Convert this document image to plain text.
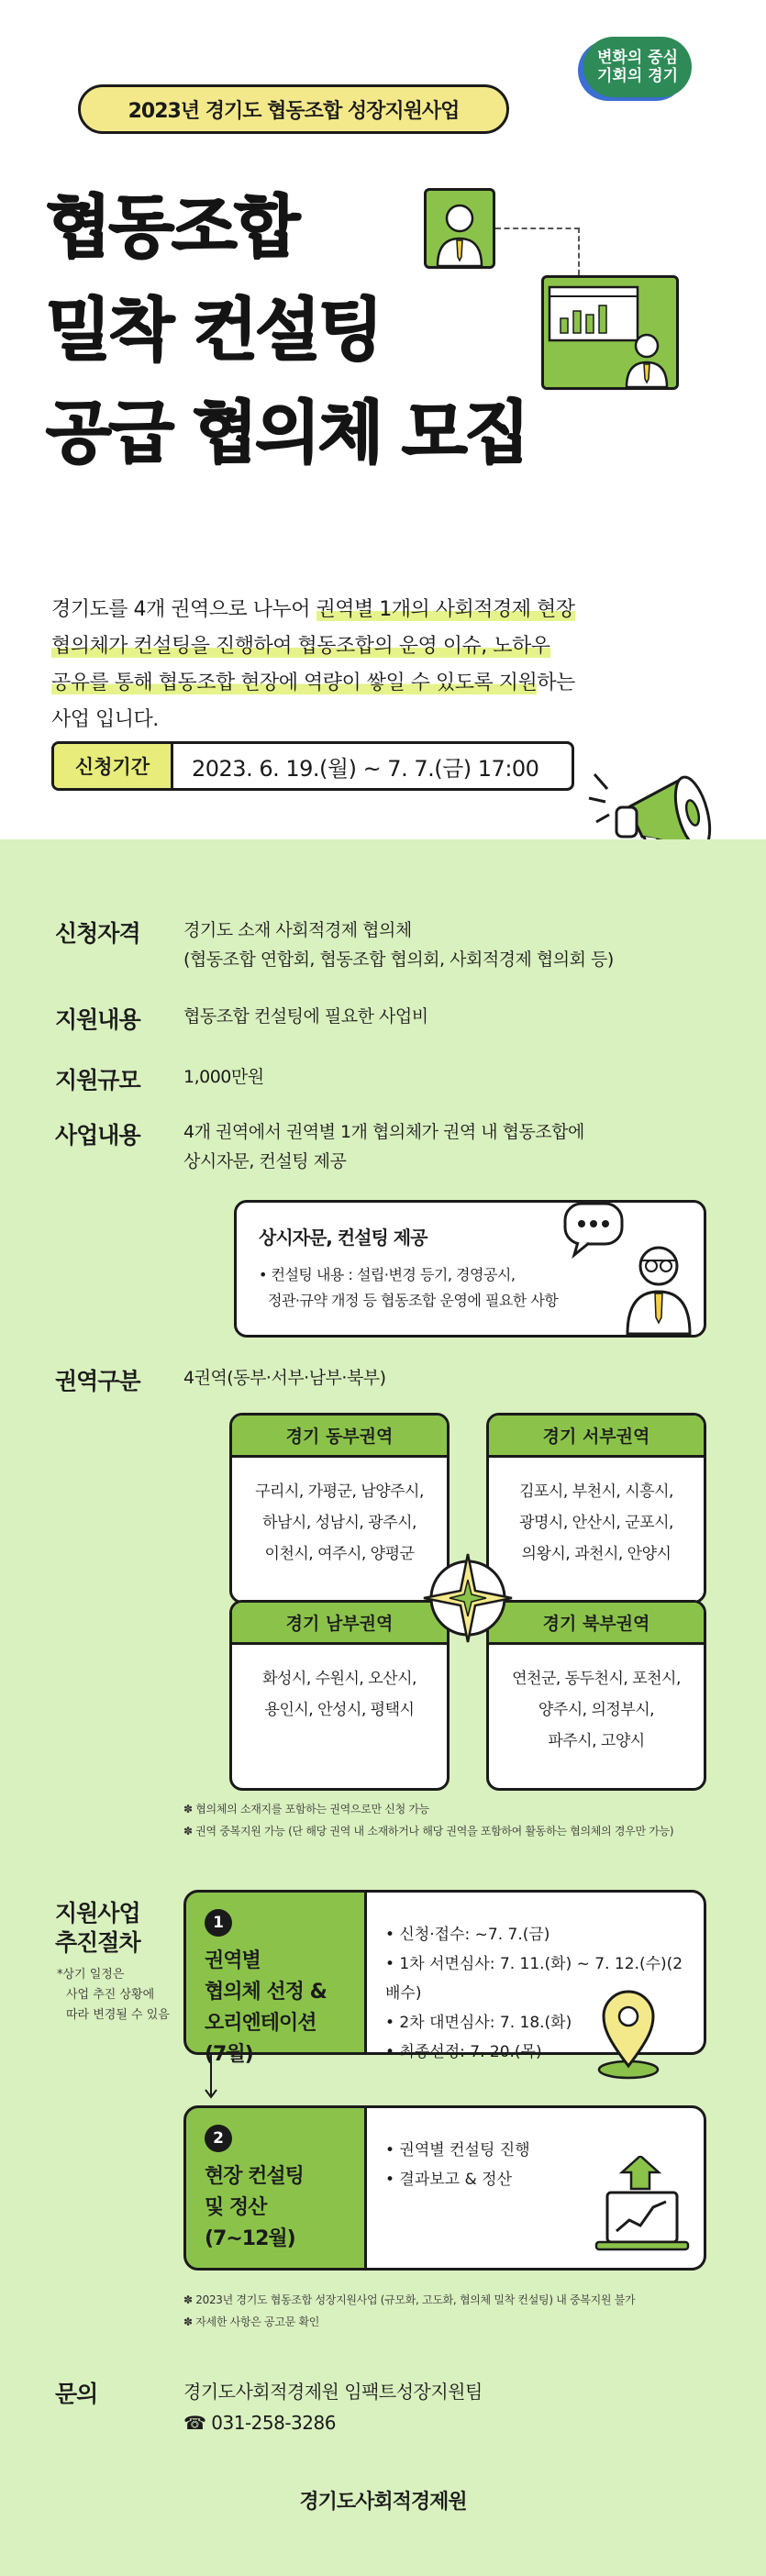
2023년 경기도 협동조합 성장지원사업
변화의 중심
기회의 경기
협동조합
밀착 컨설팅
공급 협의체 모집
경기도를 4개 권역으로 나누어 권역별 1개의 사회적경제 현장
협의체가 컨설팅을 진행하여 협동조합의 운영 이슈, 노하우
공유를 통해 협동조합 현장에 역량이 쌓일 수 있도록 지원하는
사업 입니다.
신청기간	2023. 6. 19.(월) ~ 7. 7.(금) 17:00
신청자격	경기도 소재 사회적경제 협의체
(협동조합 연합회, 협동조합 협의회, 사회적경제 협의회 등)
지원내용	협동조합 컨설팅에 필요한 사업비
지원규모	1,000만원
사업내용	4개 권역에서 권역별 1개 협의체가 권역 내 협동조합에
상시자문, 컨설팅 제공
상시자문, 컨설팅 제공
• 컨설팅 내용 : 설립·변경 등기, 경영공시,
정관·규약 개정 등 협동조합 운영에 필요한 사항
권역구분	4권역(동부·서부·남부·북부)
경기 동부권역
구리시, 가평군, 남양주시,
하남시, 성남시, 광주시,
이천시, 여주시, 양평군
경기 서부권역
김포시, 부천시, 시흥시,
광명시, 안산시, 군포시,
의왕시, 과천시, 안양시
경기 남부권역
화성시, 수원시, 오산시,
용인시, 안성시, 평택시
경기 북부권역
연천군, 동두천시, 포천시,
양주시, 의정부시,
파주시, 고양시
✽ 협의체의 소재지를 포함하는 권역으로만 신청 가능
✽ 권역 중복지원 가능 (단 해당 권역 내 소재하거나 해당 권역을 포함하여 활동하는 협의체의 경우만 가능)
지원사업
추진절차
*상기 일정은
사업 추진 상황에
따라 변경될 수 있음
1
권역별
협의체 선정 &
오리엔테이션
(7월)
• 신청·접수: ~7. 7.(금)
• 1차 서면심사: 7. 11.(화) ~ 7. 12.(수)(2배수)
• 2차 대면심사: 7. 18.(화)
• 최종선정: 7. 20.(목)
2
현장 컨설팅
및 정산
(7~12월)
• 권역별 컨설팅 진행
• 결과보고 & 정산
✽ 2023년 경기도 협동조합 성장지원사업 (규모화, 고도화, 협의체 밀착 컨설팅) 내 중복지원 불가
✽ 자세한 사항은 공고문 확인
문의	경기도사회적경제원 임팩트성장지원팀
☎ 031-258-3286
경기도사회적경제원
